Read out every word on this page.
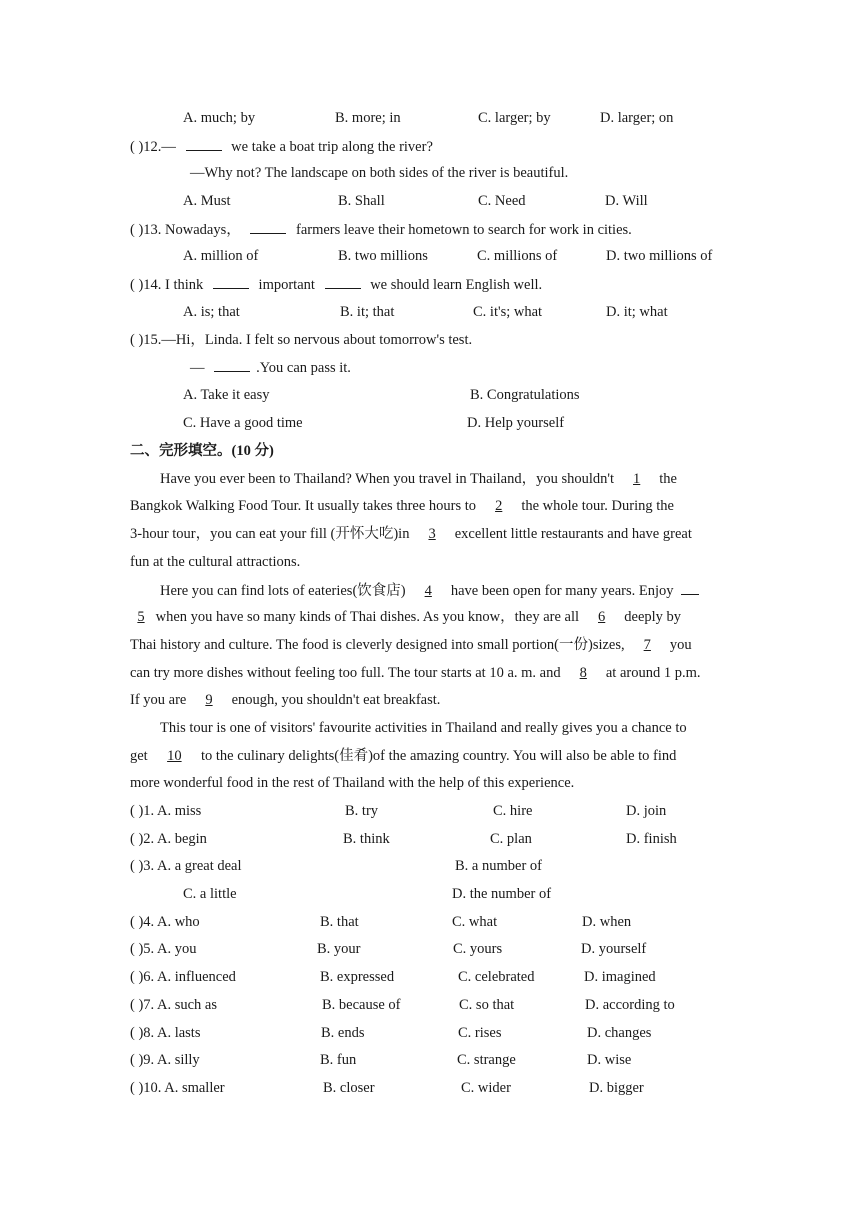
A. much; by	B. more; in	C. larger; by	D. larger; on
( )12.—	we take a boat trip along the river?
—Why not? The landscape on both sides of the river is beautiful.
A. Must	B. Shall	C. Need	D. Will
( )13. Nowadays，	farmers leave their hometown to search for work in cities.
A. million of	B. two millions	C. millions of	D. two millions of
( )14. I think	important	we should learn English well.
A. is; that	B. it; that	C. it's; what	D. it; what
( )15.—Hi，Linda. I felt so nervous about tomorrow's test.
—	.You can pass it.
A. Take it easy	B. Congratulations
C. Have a good time	D. Help yourself
二、完形填空。(10 分)
Have you ever been to Thailand? When you travel in Thailand，you shouldn't 1 the
Bangkok Walking Food Tour. It usually takes three hours to 2 the whole tour. During the
3-hour tour，you can eat your fill (开怀大吃)in 3 excellent little restaurants and have great
fun at the cultural attractions.
Here you can find lots of eateries(饮食店) 4 have been open for many years. Enjoy
5 when you have so many kinds of Thai dishes. As you know，they are all 6 deeply by
Thai history and culture. The food is cleverly designed into small portion(一份)sizes, 7 you
can try more dishes without feeling too full. The tour starts at 10 a. m. and 8 at around 1 p.m.
If you are 9 enough, you shouldn't eat breakfast.
This tour is one of visitors' favourite activities in Thailand and really gives you a chance to
get 10 to the culinary delights(佳肴)of the amazing country. You will also be able to find
more wonderful food in the rest of Thailand with the help of this experience.
( )1. A. miss	B. try	C. hire	D. join
( )2. A. begin	B. think	C. plan	D. finish
( )3. A. a great deal	B. a number of
C. a little	D. the number of
( )4. A. who	B. that	C. what	D. when
( )5. A. you	B. your	C. yours	D. yourself
( )6. A. influenced	B. expressed	C. celebrated	D. imagined
( )7. A. such as	B. because of	C. so that	D. according to
( )8. A. lasts	B. ends	C. rises	D. changes
( )9. A. silly	B. fun	C. strange	D. wise
( )10. A. smaller	B. closer	C. wider	D. bigger
